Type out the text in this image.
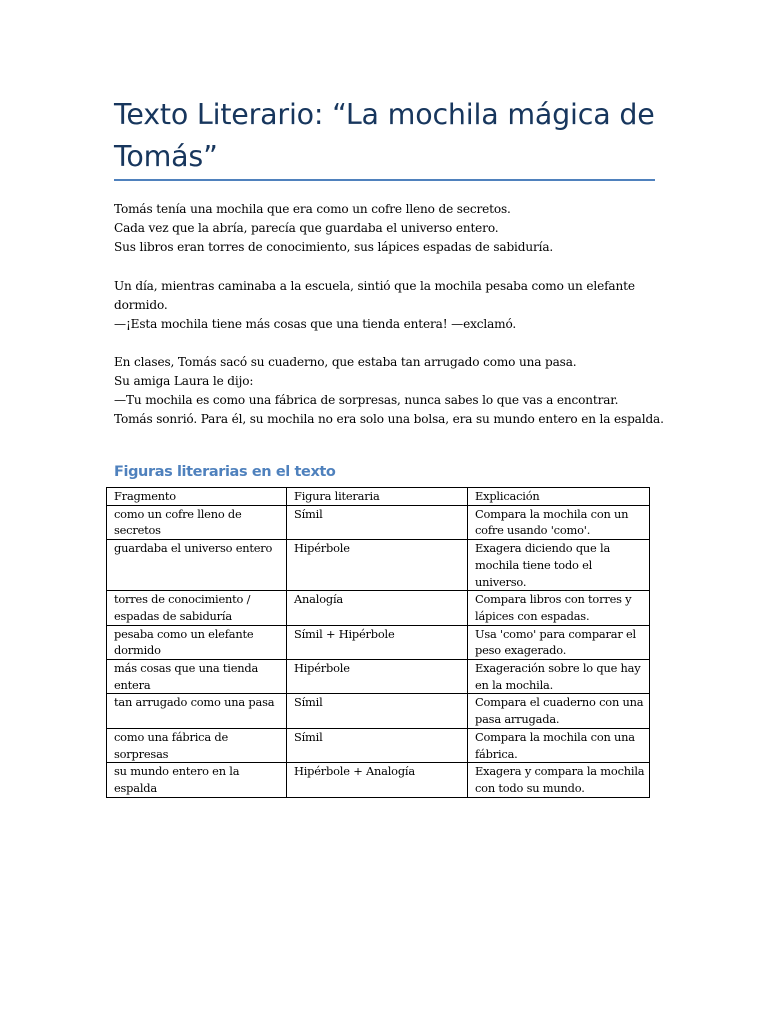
Texto Literario: “La mochila mágica de Tomás”
Tomás tenía una mochila que era como un cofre lleno de secretos.
Cada vez que la abría, parecía que guardaba el universo entero.
Sus libros eran torres de conocimiento, sus lápices espadas de sabiduría.
Un día, mientras caminaba a la escuela, sintió que la mochila pesaba como un elefante
dormido.
—¡Esta mochila tiene más cosas que una tienda entera! —exclamó.
En clases, Tomás sacó su cuaderno, que estaba tan arrugado como una pasa.
Su amiga Laura le dijo:
—Tu mochila es como una fábrica de sorpresas, nunca sabes lo que vas a encontrar.
Tomás sonrió. Para él, su mochila no era solo una bolsa, era su mundo entero en la espalda.
Figuras literarias en el texto
Fragmento	Figura literaria	Explicación
como un cofre lleno de secretos	Símil	Compara la mochila con un cofre usando 'como'.
guardaba el universo entero	Hipérbole	Exagera diciendo que la mochila tiene todo el universo.
torres de conocimiento / espadas de sabiduría	Analogía	Compara libros con torres y lápices con espadas.
pesaba como un elefante dormido	Símil + Hipérbole	Usa 'como' para comparar el peso exagerado.
más cosas que una tienda entera	Hipérbole	Exageración sobre lo que hay en la mochila.
tan arrugado como una pasa	Símil	Compara el cuaderno con una pasa arrugada.
como una fábrica de sorpresas	Símil	Compara la mochila con una fábrica.
su mundo entero en la espalda	Hipérbole + Analogía	Exagera y compara la mochila con todo su mundo.
